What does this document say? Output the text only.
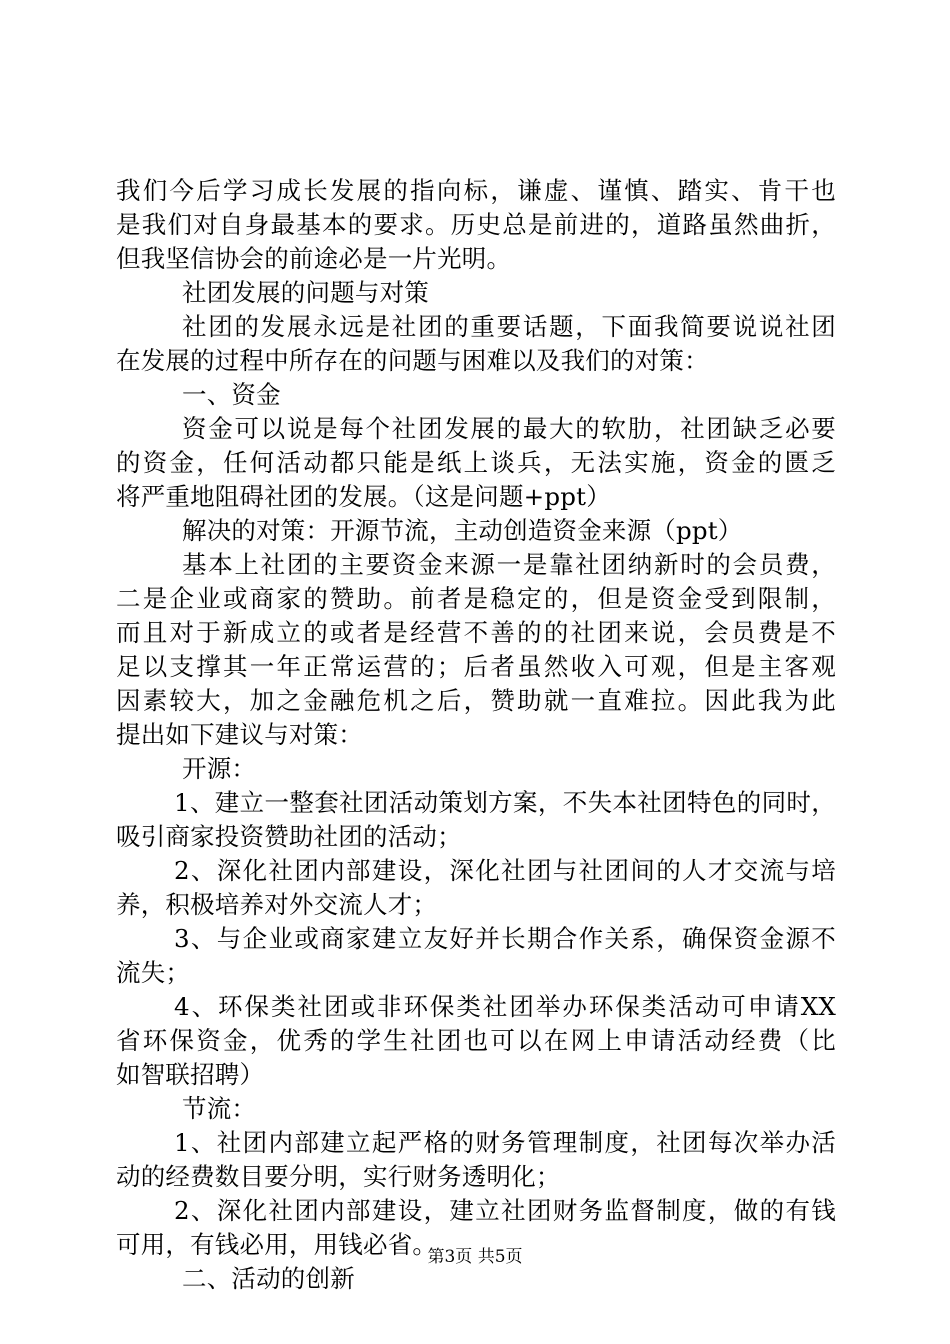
我们今后学习成长发展的指向标，谦虚、谨慎、踏实、肯干也
是我们对自身最基本的要求。历史总是前进的，道路虽然曲折，
但我坚信协会的前途必是一片光明。
社团发展的问题与对策
社团的发展永远是社团的重要话题，下面我简要说说社团
在发展的过程中所存在的问题与困难以及我们的对策：
一、资金
资金可以说是每个社团发展的最大的软肋，社团缺乏必要
的资金，任何活动都只能是纸上谈兵，无法实施，资金的匮乏
将严重地阻碍社团的发展。（这是问题+ppt）
解决的对策：开源节流，主动创造资金来源（ppt）
基本上社团的主要资金来源一是靠社团纳新时的会员费，
二是企业或商家的赞助。前者是稳定的，但是资金受到限制，
而且对于新成立的或者是经营不善的的社团来说，会员费是不
足以支撑其一年正常运营的；后者虽然收入可观，但是主客观
因素较大，加之金融危机之后，赞助就一直难拉。因此我为此
提出如下建议与对策：
开源：
1、建立一整套社团活动策划方案，不失本社团特色的同时，
吸引商家投资赞助社团的活动；
2、深化社团内部建设，深化社团与社团间的人才交流与培
养，积极培养对外交流人才；
3、与企业或商家建立友好并长期合作关系，确保资金源不
流失；
4、环保类社团或非环保类社团举办环保类活动可申请XX
省环保资金，优秀的学生社团也可以在网上申请活动经费（比
如智联招聘）
节流：
1、社团内部建立起严格的财务管理制度，社团每次举办活
动的经费数目要分明，实行财务透明化；
2、深化社团内部建设，建立社团财务监督制度，做的有钱
可用，有钱必用，用钱必省。
二、活动的创新
第3页 共5页
